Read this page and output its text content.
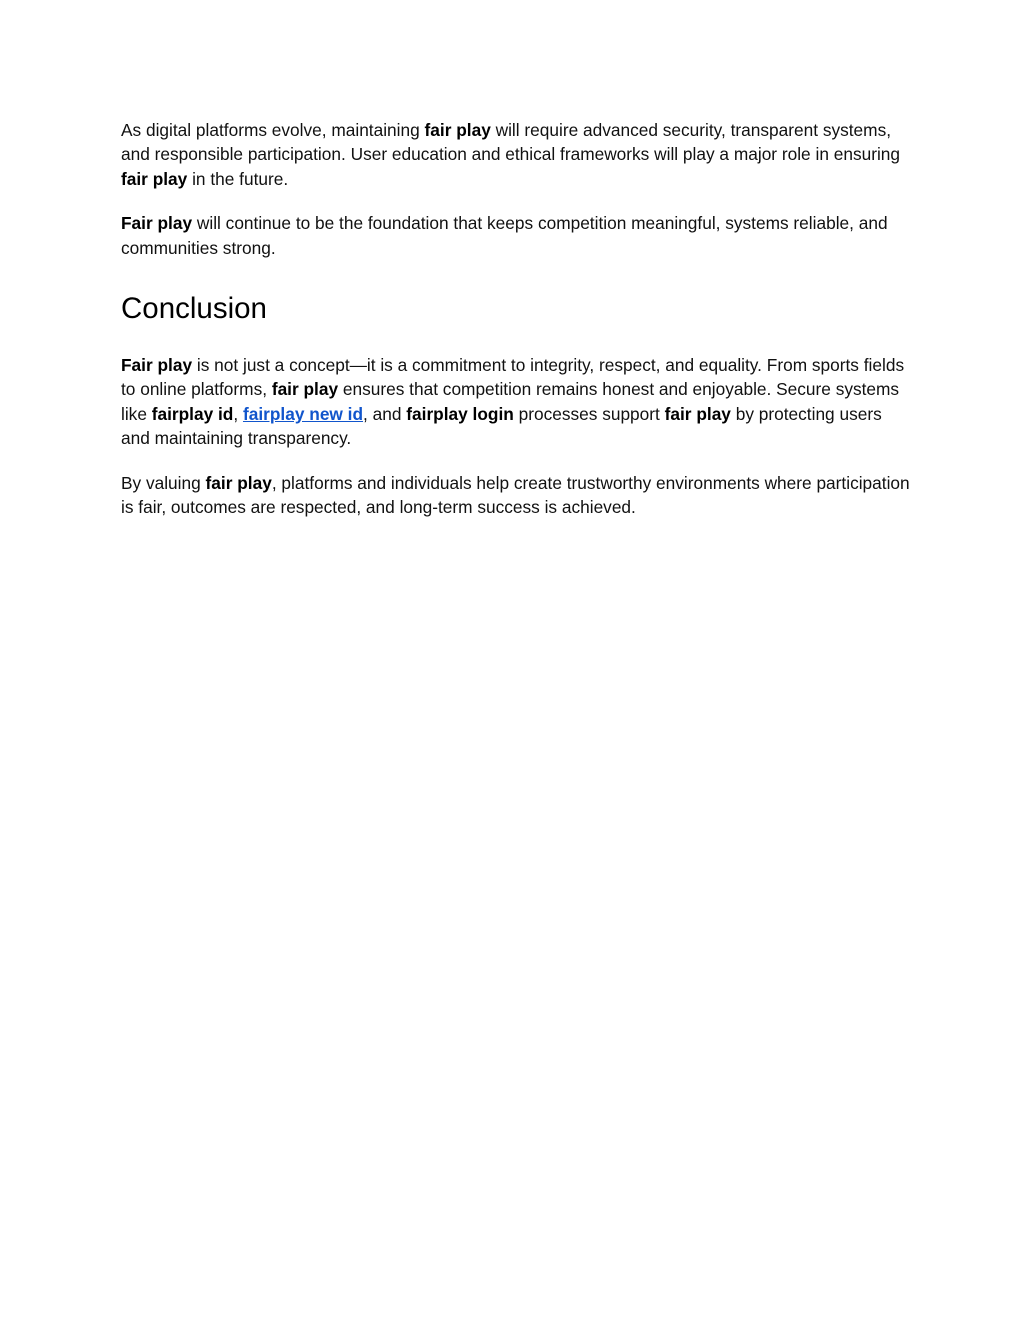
As digital platforms evolve, maintaining fair play will require advanced security, transparent systems, and responsible participation. User education and ethical frameworks will play a major role in ensuring fair play in the future.

Fair play will continue to be the foundation that keeps competition meaningful, systems reliable, and communities strong.

Conclusion

Fair play is not just a concept—it is a commitment to integrity, respect, and equality. From sports fields to online platforms, fair play ensures that competition remains honest and enjoyable. Secure systems like fairplay id, fairplay new id, and fairplay login processes support fair play by protecting users and maintaining transparency.

By valuing fair play, platforms and individuals help create trustworthy environments where participation is fair, outcomes are respected, and long-term success is achieved.
